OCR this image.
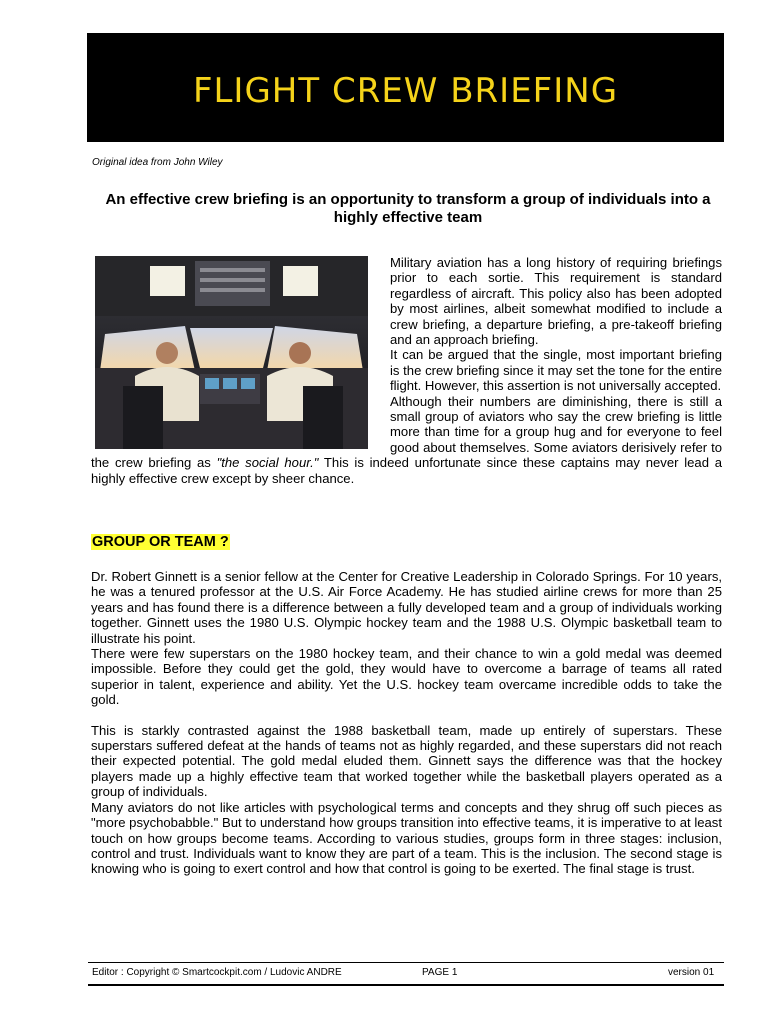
FLIGHT CREW BRIEFING
Original idea from John Wiley
An effective crew briefing is an opportunity to transform a group of individuals into a highly effective team

Military aviation has a long history of requiring briefings prior to each sortie. This requirement is standard regardless of aircraft. This policy also has been adopted by most airlines, albeit somewhat modified to include a crew briefing, a departure briefing, a pre-takeoff briefing and an approach briefing.

It can be argued that the single, most important briefing is the crew briefing since it may set the tone for the entire flight. However, this assertion is not universally accepted.

Although their numbers are diminishing, there is still a small group of aviators who say the crew briefing is little more than time for a group hug and for everyone to feel good about themselves. Some aviators derisively refer to the crew briefing as "the social hour." This is indeed unfortunate since these captains may never lead a highly effective crew except by sheer chance.

GROUP OR TEAM ?

Dr. Robert Ginnett is a senior fellow at the Center for Creative Leadership in Colorado Springs. For 10 years, he was a tenured professor at the U.S. Air Force Academy. He has studied airline crews for more than 25 years and has found there is a difference between a fully developed team and a group of individuals working together. Ginnett uses the 1980 U.S. Olympic hockey team and the 1988 U.S. Olympic basketball team to illustrate his point.

There were few superstars on the 1980 hockey team, and their chance to win a gold medal was deemed impossible. Before they could get the gold, they would have to overcome a barrage of teams all rated superior in talent, experience and ability. Yet the U.S. hockey team overcame incredible odds to take the gold.

This is starkly contrasted against the 1988 basketball team, made up entirely of superstars. These superstars suffered defeat at the hands of teams not as highly regarded, and these superstars did not reach their expected potential. The gold medal eluded them. Ginnett says the difference was that the hockey players made up a highly effective team that worked together while the basketball players operated as a group of individuals.

Many aviators do not like articles with psychological terms and concepts and they shrug off such pieces as "more psychobabble." But to understand how groups transition into effective teams, it is imperative to at least touch on how groups become teams. According to various studies, groups form in three stages: inclusion, control and trust. Individuals want to know they are part of a team. This is the inclusion. The second stage is knowing who is going to exert control and how that control is going to be exerted. The final stage is trust.

Editor : Copyright © Smartcockpit.com / Ludovic ANDRE	PAGE 1	version 01
